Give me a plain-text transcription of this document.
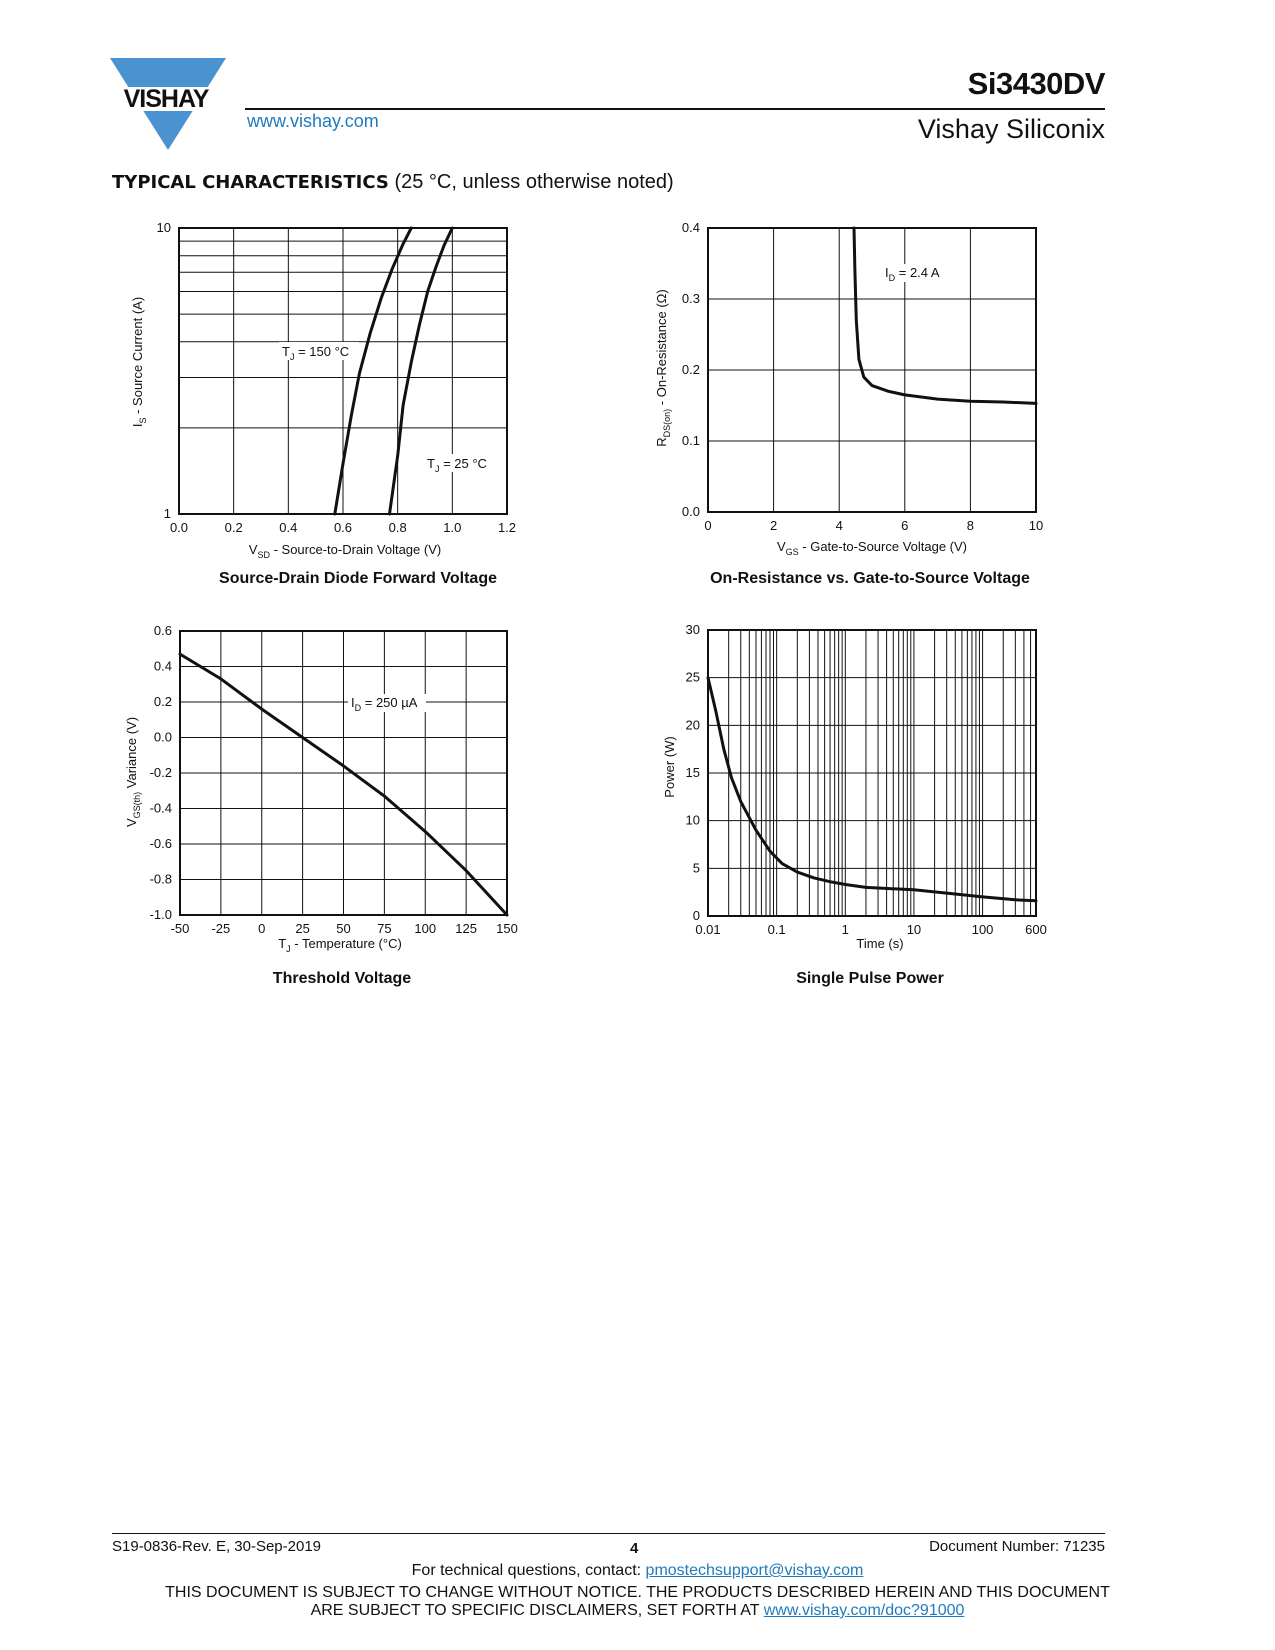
VISHAY
www.vishay.com
Si3430DV
Vishay Siliconix
TYPICAL CHARACTERISTICS (25 °C, unless otherwise noted)
0.0	0.2	0.4	0.6	0.8	1.0	1.2
1
10
$I_S$ - Source Current (A)
$V_{SD}$ - Source-to-Drain Voltage (V)
$T_J = 150$ °C
$T_J = 25$ °C
Source-Drain Diode Forward Voltage
0	2	4	6	8	10
0.0
0.1
0.2
0.3
0.4
$R_{DS(on)}$ - On-Resistance (Ω)
$V_{GS}$ - Gate-to-Source Voltage (V)
$I_D = 2.4$ A
On-Resistance vs. Gate-to-Source Voltage
-50 -25 0 25 50 75 100 125 150
-1.0
-0.8
-0.6
-0.4
-0.2
0.0
0.2
0.4
0.6
$V_{GS(th)}$ Variance (V)
$T_J$ - Temperature (°C)
$I_D = 250$ µA
Threshold Voltage
0.01	0.1	1	10	100 600
0
5
10
15
20
25
30
Power (W)
Time (s)
Single Pulse Power
S19-0836-Rev. E, 30-Sep-2019	4	Document Number: 71235
For technical questions, contact: pmostechsupport@vishay.com
THIS DOCUMENT IS SUBJECT TO CHANGE WITHOUT NOTICE. THE PRODUCTS DESCRIBED HEREIN AND THIS DOCUMENT
ARE SUBJECT TO SPECIFIC DISCLAIMERS, SET FORTH AT www.vishay.com/doc?91000
